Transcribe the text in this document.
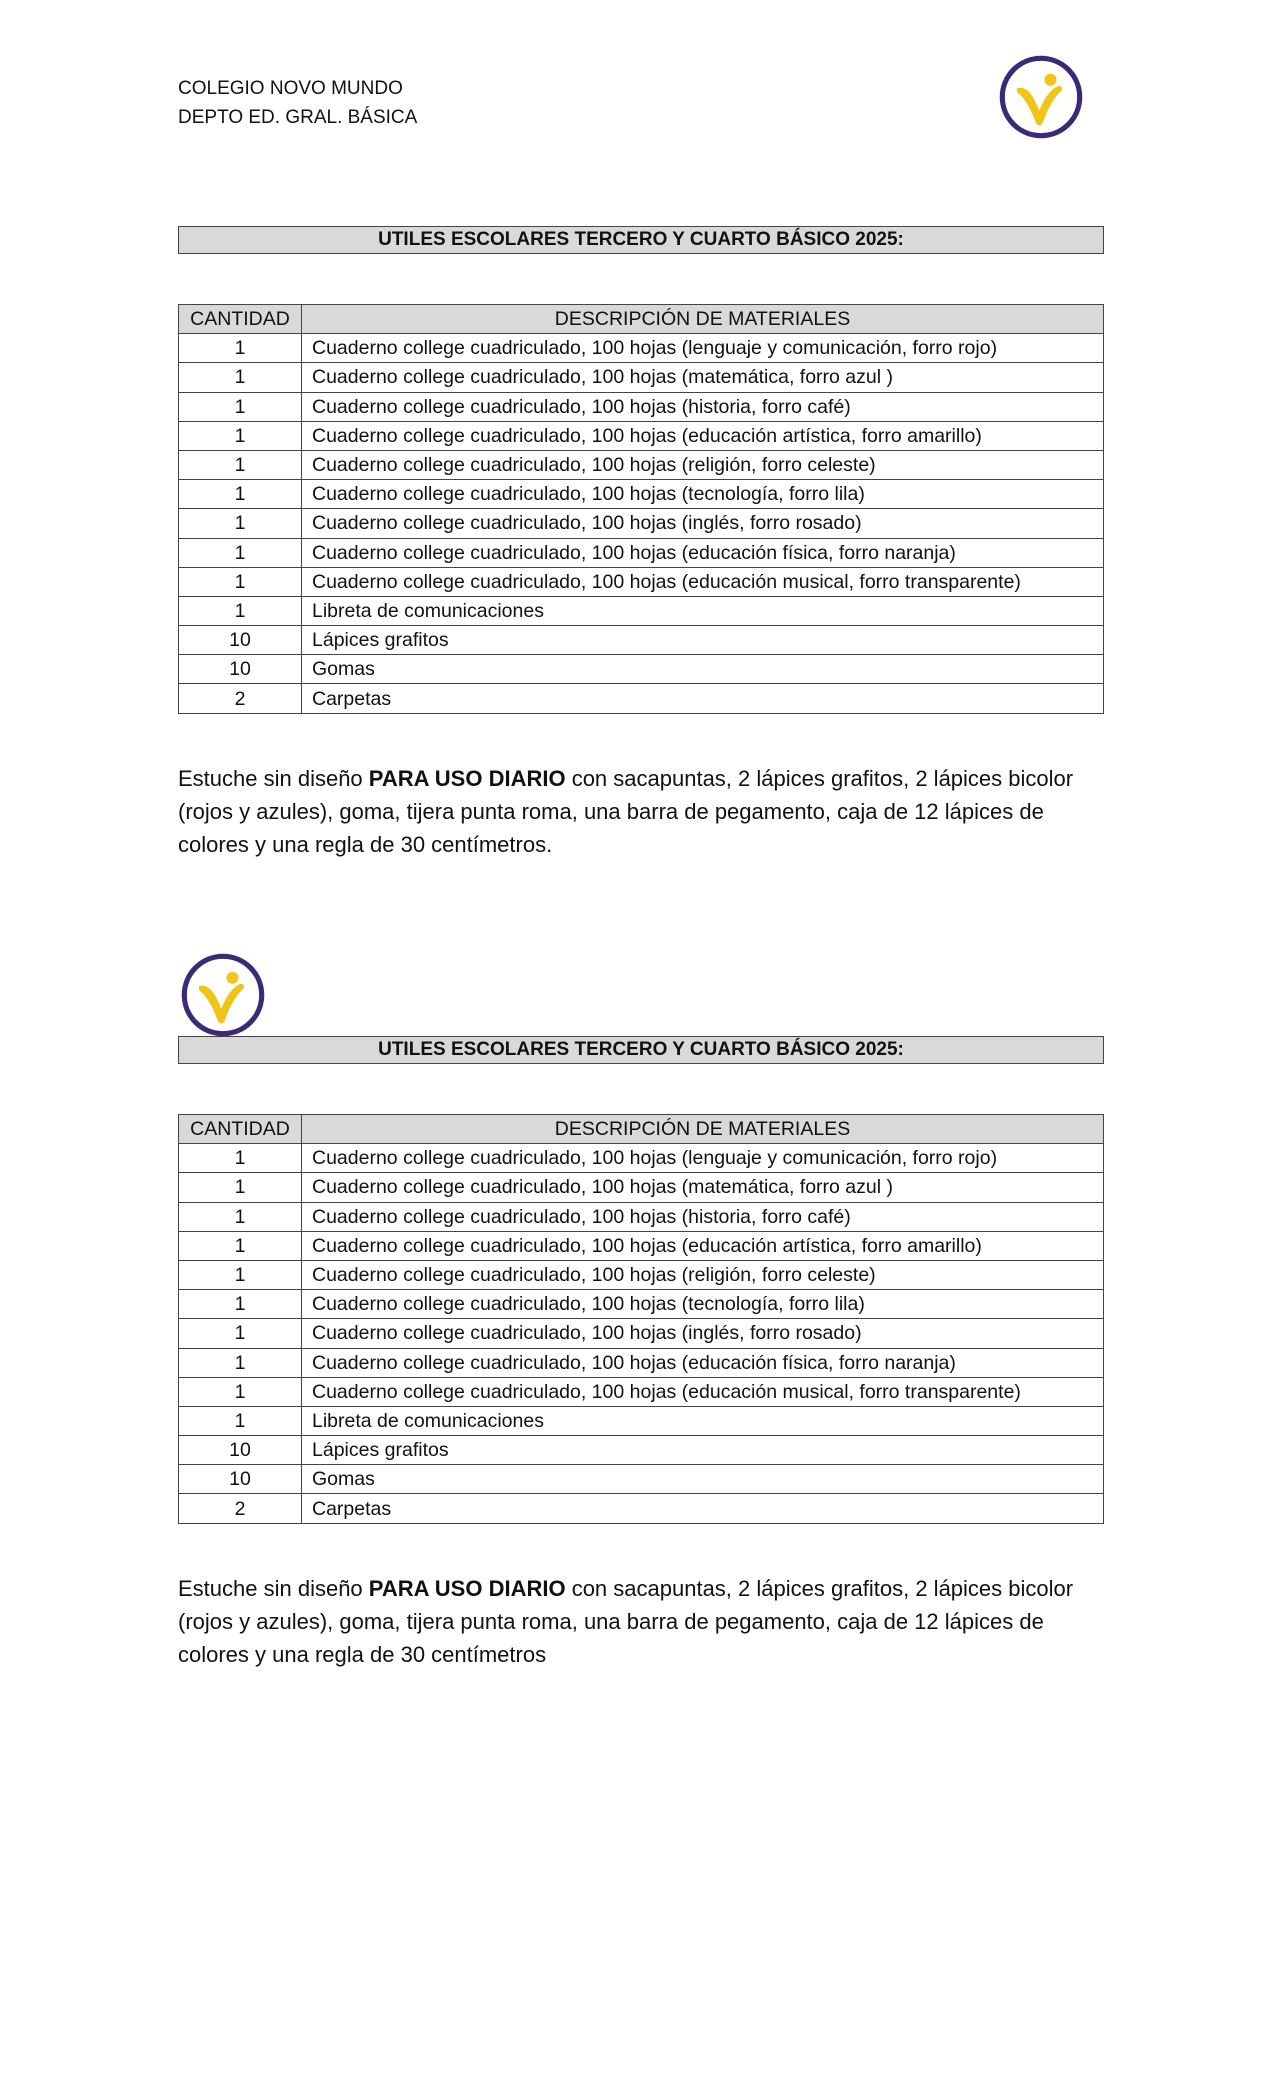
COLEGIO NOVO MUNDO
DEPTO ED. GRAL. BÁSICA
UTILES ESCOLARES TERCERO Y CUARTO BÁSICO 2025:
CANTIDAD	DESCRIPCIÓN DE MATERIALES
1	Cuaderno college cuadriculado, 100 hojas (lenguaje y comunicación, forro rojo)
1	Cuaderno college cuadriculado, 100 hojas (matemática, forro azul )
1	Cuaderno college cuadriculado, 100 hojas (historia, forro café)
1	Cuaderno college cuadriculado, 100 hojas (educación artística, forro amarillo)
1	Cuaderno college cuadriculado, 100 hojas (religión, forro celeste)
1	Cuaderno college cuadriculado, 100 hojas (tecnología, forro lila)
1	Cuaderno college cuadriculado, 100 hojas (inglés, forro rosado)
1	Cuaderno college cuadriculado, 100 hojas (educación física, forro naranja)
1	Cuaderno college cuadriculado, 100 hojas (educación musical, forro transparente)
1	Libreta de comunicaciones
10	Lápices grafitos
10	Gomas
2	Carpetas
Estuche sin diseño PARA USO DIARIO con sacapuntas, 2 lápices grafitos, 2 lápices bicolor (rojos y azules), goma, tijera punta roma, una barra de pegamento, caja de 12 lápices de colores y una regla de 30 centímetros.
UTILES ESCOLARES TERCERO Y CUARTO BÁSICO 2025:
CANTIDAD	DESCRIPCIÓN DE MATERIALES
1	Cuaderno college cuadriculado, 100 hojas (lenguaje y comunicación, forro rojo)
1	Cuaderno college cuadriculado, 100 hojas (matemática, forro azul )
1	Cuaderno college cuadriculado, 100 hojas (historia, forro café)
1	Cuaderno college cuadriculado, 100 hojas (educación artística, forro amarillo)
1	Cuaderno college cuadriculado, 100 hojas (religión, forro celeste)
1	Cuaderno college cuadriculado, 100 hojas (tecnología, forro lila)
1	Cuaderno college cuadriculado, 100 hojas (inglés, forro rosado)
1	Cuaderno college cuadriculado, 100 hojas (educación física, forro naranja)
1	Cuaderno college cuadriculado, 100 hojas (educación musical, forro transparente)
1	Libreta de comunicaciones
10	Lápices grafitos
10	Gomas
2	Carpetas
Estuche sin diseño PARA USO DIARIO con sacapuntas, 2 lápices grafitos, 2 lápices bicolor (rojos y azules), goma, tijera punta roma, una barra de pegamento, caja de 12 lápices de colores y una regla de 30 centímetros
